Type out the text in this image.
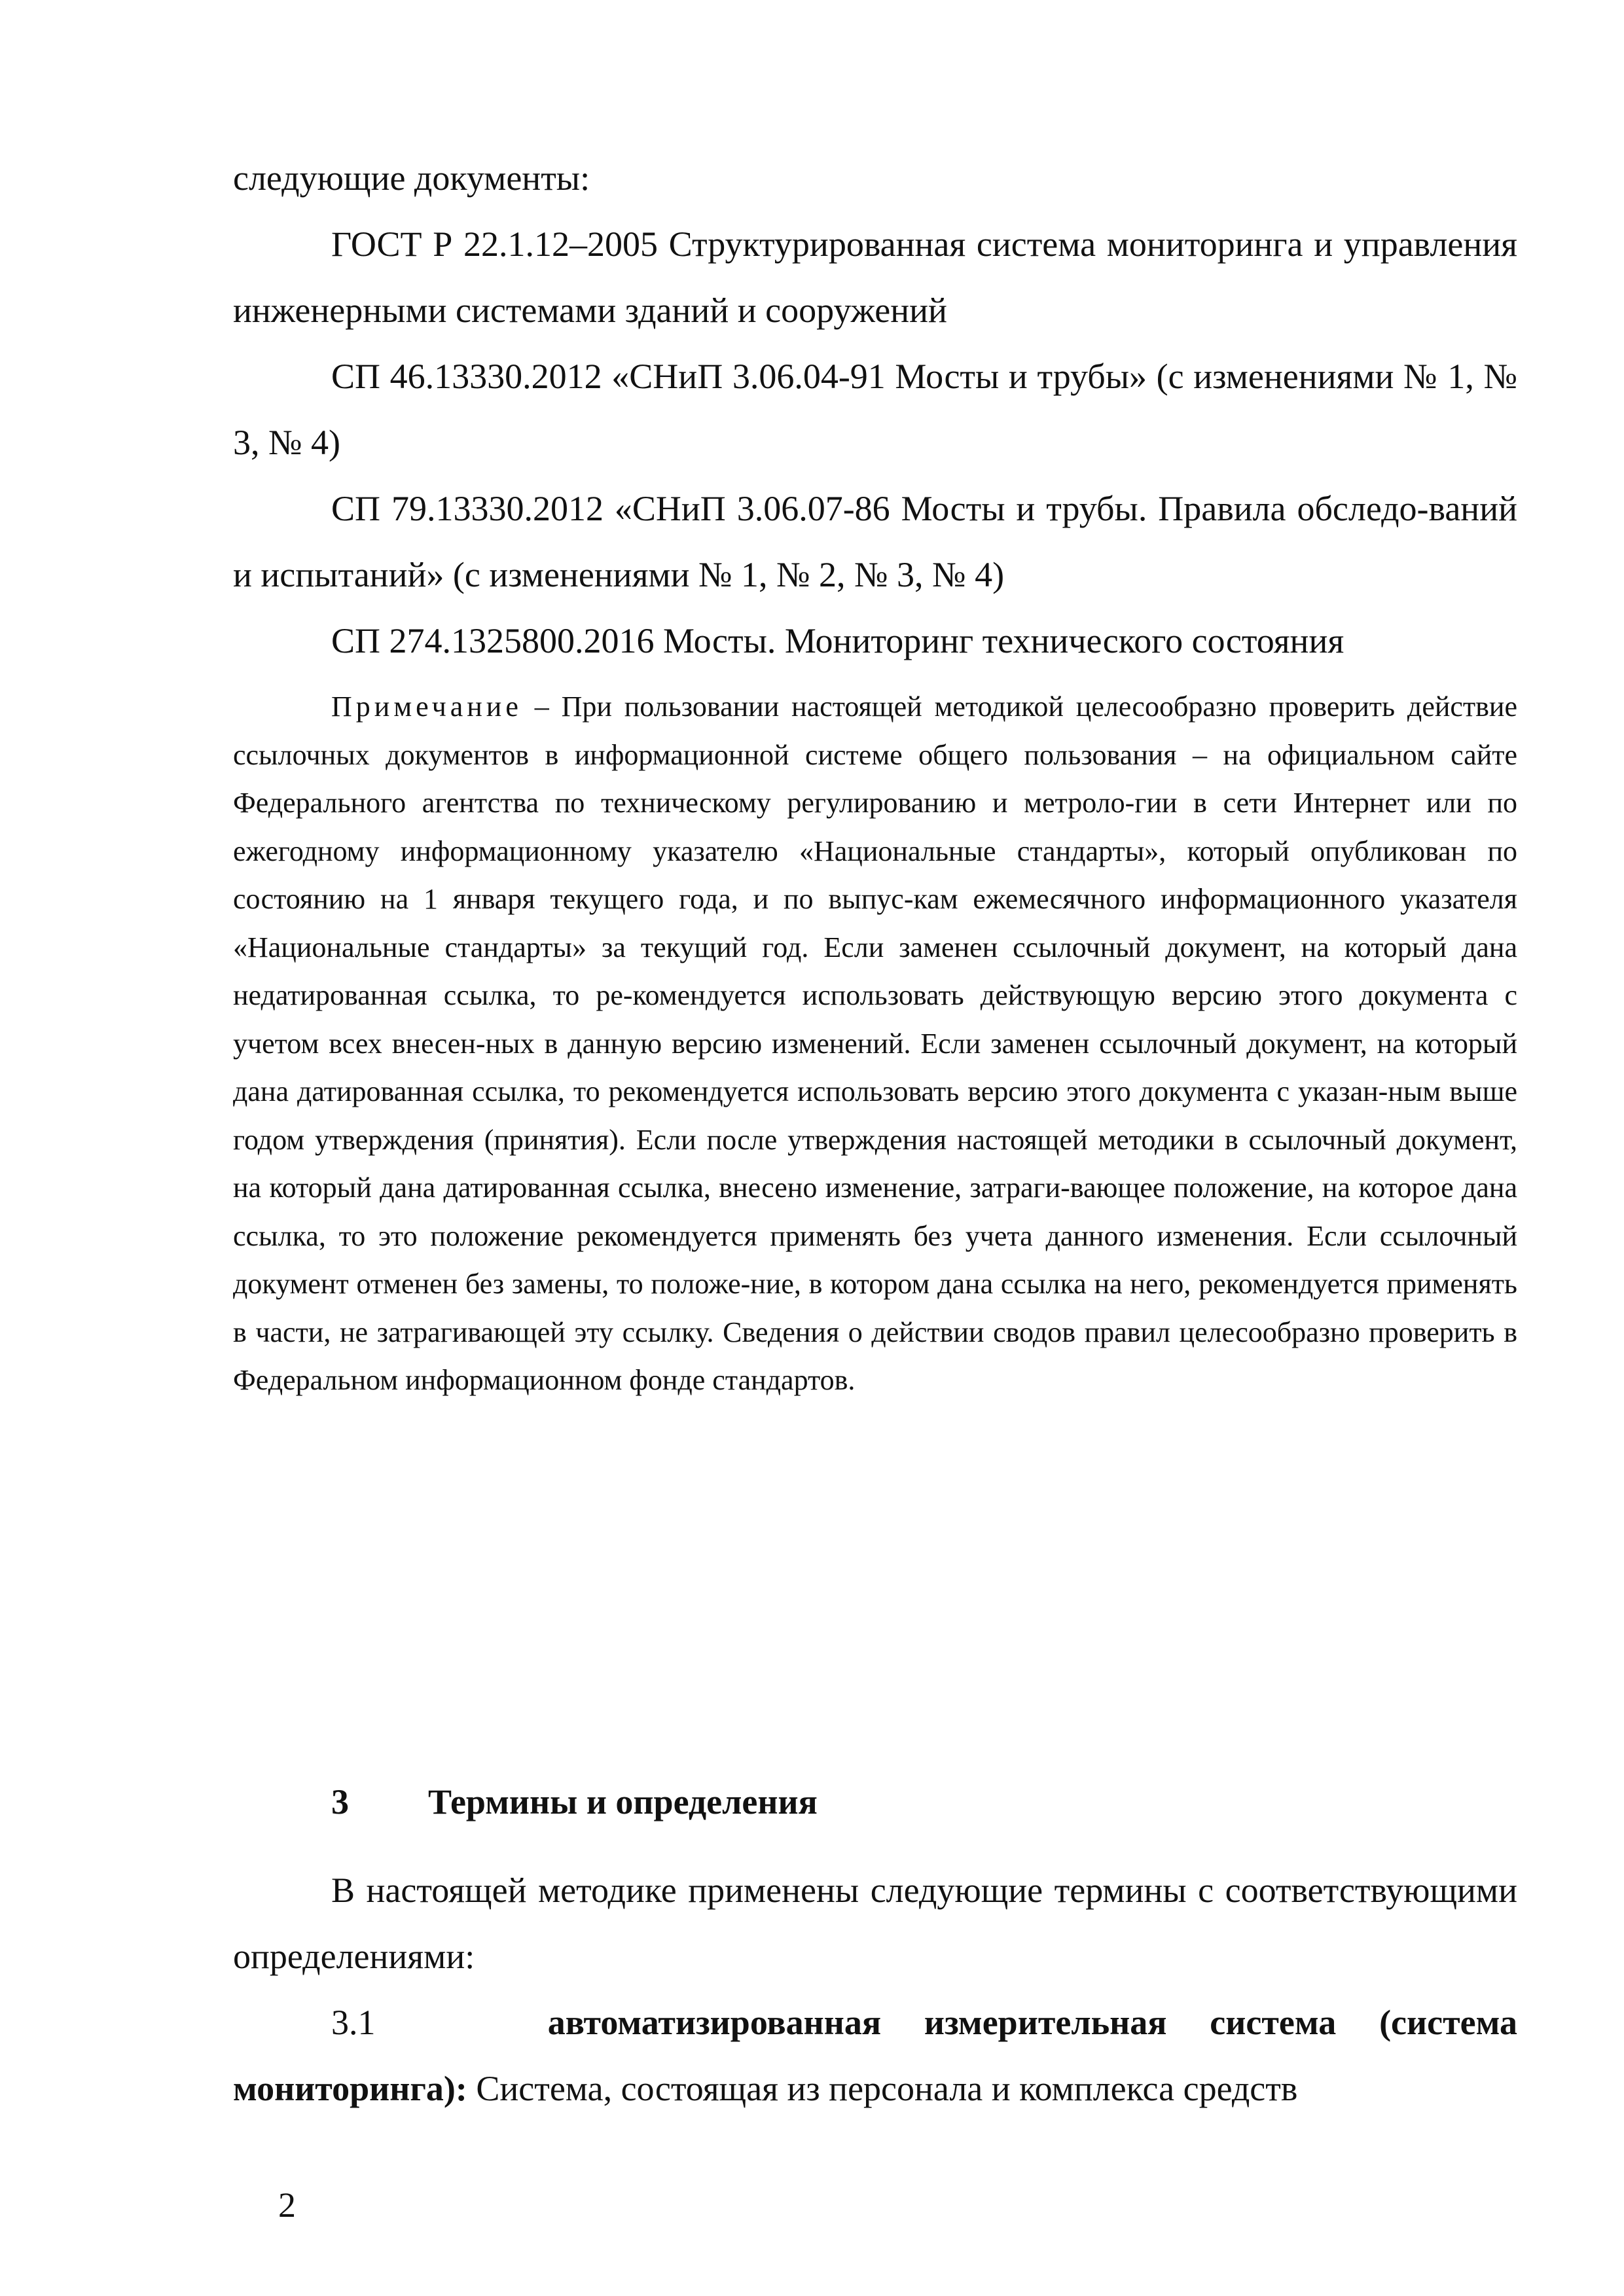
следующие документы:

ГОСТ Р 22.1.12–2005 Структурированная система мониторинга и управления инженерными системами зданий и сооружений

СП 46.13330.2012 «СНиП 3.06.04-91 Мосты и трубы» (с изменениями № 1, № 3, № 4)

СП 79.13330.2012 «СНиП 3.06.07-86 Мосты и трубы. Правила обследо-ваний и испытаний» (с изменениями № 1, № 2, № 3, № 4)

СП 274.1325800.2016 Мосты. Мониторинг технического состояния

Примечание – При пользовании настоящей методикой целесообразно проверить действие ссылочных документов в информационной системе общего пользования – на официальном сайте Федерального агентства по техническому регулированию и метроло-гии в сети Интернет или по ежегодному информационному указателю «Национальные стандарты», который опубликован по состоянию на 1 января текущего года, и по выпус-кам ежемесячного информационного указателя «Национальные стандарты» за текущий год. Если заменен ссылочный документ, на который дана недатированная ссылка, то ре-комендуется использовать действующую версию этого документа с учетом всех внесен-ных в данную версию изменений. Если заменен ссылочный документ, на который дана датированная ссылка, то рекомендуется использовать версию этого документа с указан-ным выше годом утверждения (принятия). Если после утверждения настоящей методики в ссылочный документ, на который дана датированная ссылка, внесено изменение, затраги-вающее положение, на которое дана ссылка, то это положение рекомендуется применять без учета данного изменения. Если ссылочный документ отменен без замены, то положе-ние, в котором дана ссылка на него, рекомендуется применять в части, не затрагивающей эту ссылку. Сведения о действии сводов правил целесообразно проверить в Федеральном информационном фонде стандартов.

3 Термины и определения

В настоящей методике применены следующие термины с соответствующими определениями:

3.1	автоматизированная измерительная система (система мониторинга): Система, состоящая из персонала и комплекса средств

2
